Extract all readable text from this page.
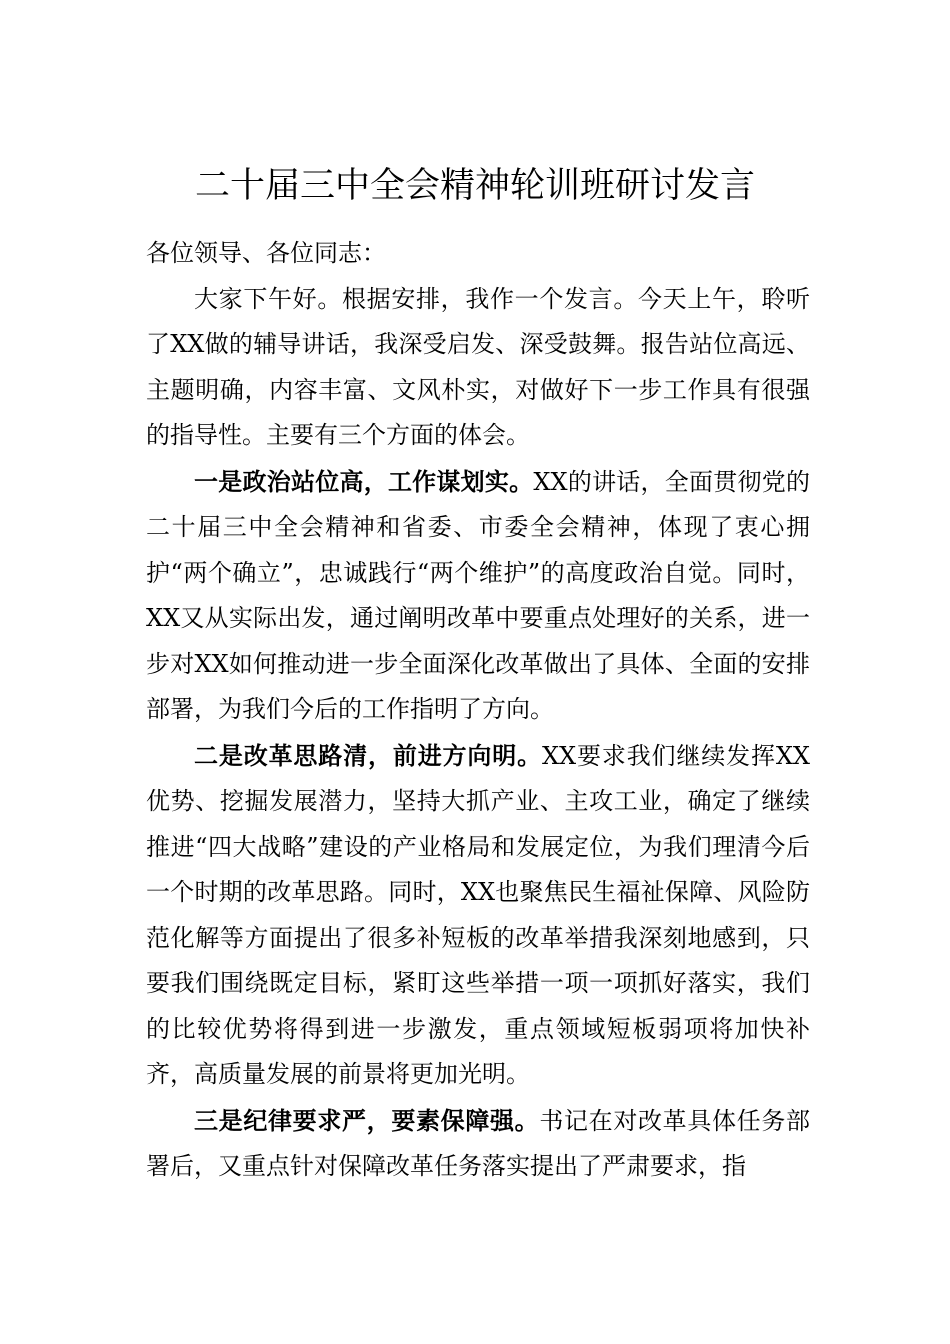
二十届三中全会精神轮训班研讨发言

各位领导、各位同志：

大家下午好。根据安排，我作一个发言。今天上午，聆听了XX做的辅导讲话，我深受启发、深受鼓舞。报告站位高远、主题明确，内容丰富、文风朴实，对做好下一步工作具有很强的指导性。主要有三个方面的体会。

一是政治站位高，工作谋划实。XX的讲话，全面贯彻党的二十届三中全会精神和省委、市委全会精神，体现了衷心拥护“两个确立”，忠诚践行“两个维护”的高度政治自觉。同时，XX又从实际出发，通过阐明改革中要重点处理好的关系，进一步对XX如何推动进一步全面深化改革做出了具体、全面的安排部署，为我们今后的工作指明了方向。

二是改革思路清，前进方向明。XX要求我们继续发挥XX优势、挖掘发展潜力，坚持大抓产业、主攻工业，确定了继续推进“四大战略”建设的产业格局和发展定位，为我们理清今后一个时期的改革思路。同时，XX也聚焦民生福祉保障、风险防范化解等方面提出了很多补短板的改革举措我深刻地感到，只要我们围绕既定目标，紧盯这些举措一项一项抓好落实，我们的比较优势将得到进一步激发，重点领域短板弱项将加快补齐，高质量发展的前景将更加光明。

三是纪律要求严，要素保障强。书记在对改革具体任务部署后，又重点针对保障改革任务落实提出了严肃要求，指
